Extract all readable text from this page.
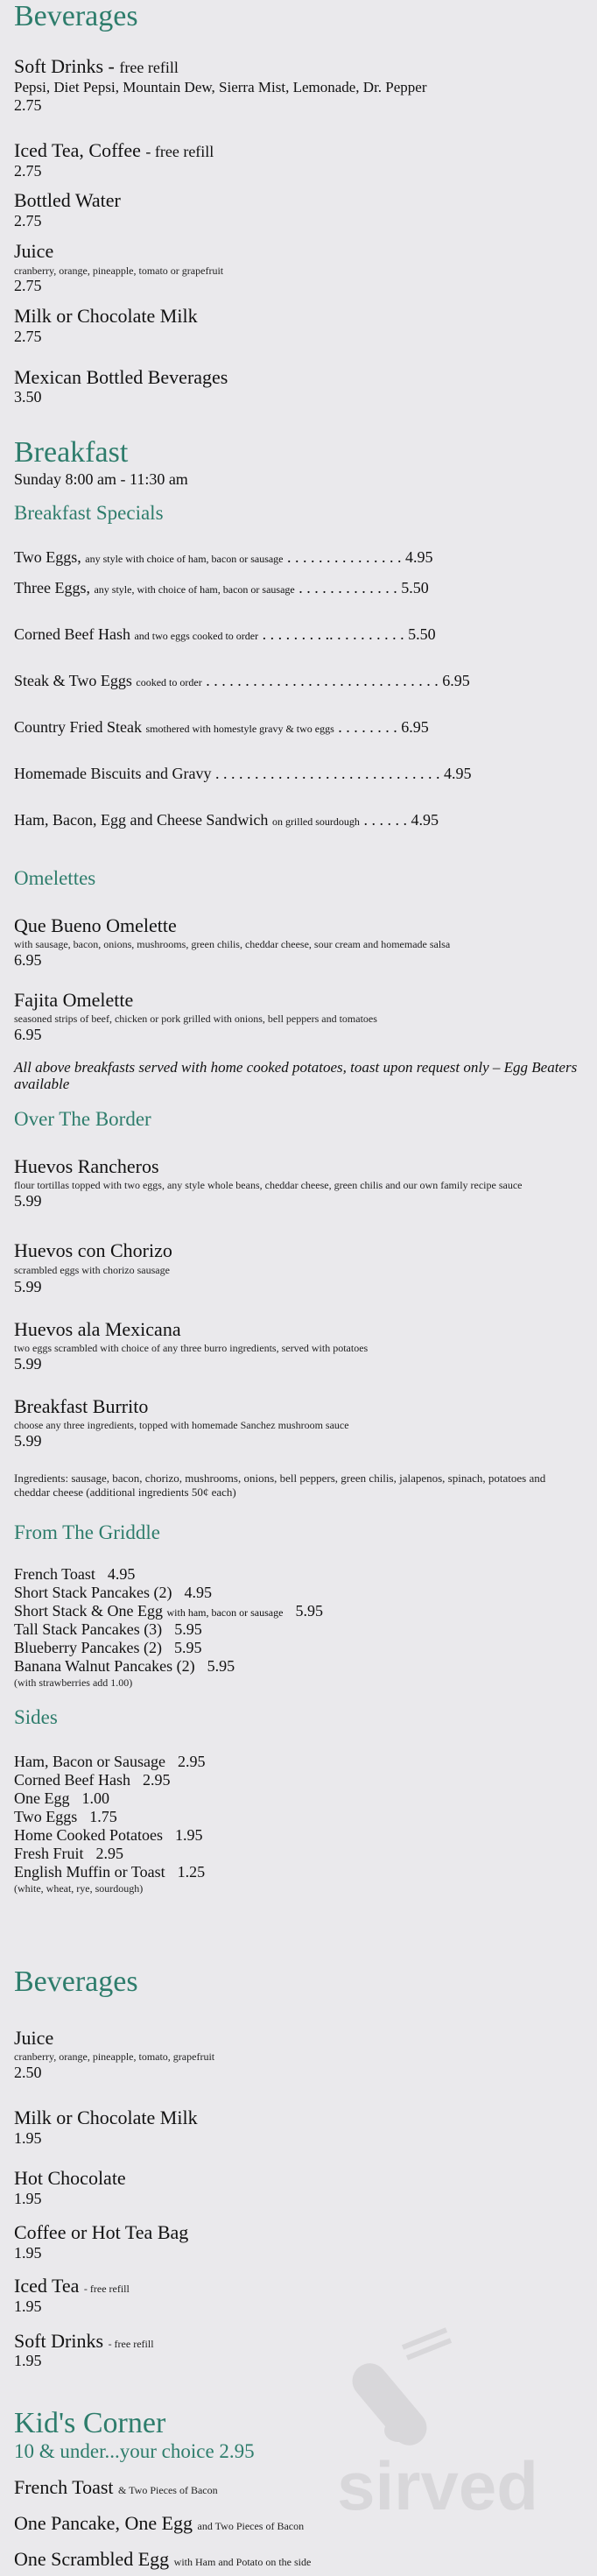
Beverages
Soft Drinks - free refill
Pepsi, Diet Pepsi, Mountain Dew, Sierra Mist, Lemonade, Dr. Pepper
2.75
Iced Tea, Coffee - free refill
2.75
Bottled Water
2.75
Juice
cranberry, orange, pineapple, tomato or grapefruit
2.75
Milk or Chocolate Milk
2.75
Mexican Bottled Beverages
3.50
Breakfast
Sunday 8:00 am - 11:30 am
Breakfast Specials
Two Eggs, any style with choice of ham, bacon or sausage . . . . . . . . . . . . . . . 4.95
Three Eggs, any style, with choice of ham, bacon or sausage . . . . . . . . . . . . . 5.50
Corned Beef Hash and two eggs cooked to order . . . . . . . . .. . . . . . . . . . 5.50
Steak & Two Eggs cooked to order . . . . . . . . . . . . . . . . . . . . . . . . . . . . . . 6.95
Country Fried Steak smothered with homestyle gravy & two eggs . . . . . . . . 6.95
Homemade Biscuits and Gravy . . . . . . . . . . . . . . . . . . . . . . . . . . . . . 4.95
Ham, Bacon, Egg and Cheese Sandwich on grilled sourdough . . . . . . 4.95
Omelettes
Que Bueno Omelette
with sausage, bacon, onions, mushrooms, green chilis, cheddar cheese, sour cream and homemade salsa
6.95
Fajita Omelette
seasoned strips of beef, chicken or pork grilled with onions, bell peppers and tomatoes
6.95
All above breakfasts served with home cooked potatoes, toast upon request only – Egg Beaters available
Over The Border
Huevos Rancheros
flour tortillas topped with two eggs, any style whole beans, cheddar cheese, green chilis and our own family recipe sauce
5.99
Huevos con Chorizo
scrambled eggs with chorizo sausage
5.99
Huevos ala Mexicana
two eggs scrambled with choice of any three burro ingredients, served with potatoes
5.99
Breakfast Burrito
choose any three ingredients, topped with homemade Sanchez mushroom sauce
5.99
Ingredients: sausage, bacon, chorizo, mushrooms, onions, bell peppers, green chilis, jalapenos, spinach, potatoes and cheddar cheese (additional ingredients 50¢ each)
From The Griddle
French Toast 4.95
Short Stack Pancakes (2) 4.95
Short Stack & One Egg with ham, bacon or sausage 5.95
Tall Stack Pancakes (3) 5.95
Blueberry Pancakes (2) 5.95
Banana Walnut Pancakes (2) 5.95
(with strawberries add 1.00)
Sides
Ham, Bacon or Sausage 2.95
Corned Beef Hash 2.95
One Egg 1.00
Two Eggs 1.75
Home Cooked Potatoes 1.95
Fresh Fruit 2.95
English Muffin or Toast 1.25
(white, wheat, rye, sourdough)
Beverages
Juice
cranberry, orange, pineapple, tomato, grapefruit
2.50
Milk or Chocolate Milk
1.95
Hot Chocolate
1.95
Coffee or Hot Tea Bag
1.95
Iced Tea - free refill
1.95
Soft Drinks - free refill
1.95
sirved
Kid's Corner
10 & under...your choice 2.95
French Toast & Two Pieces of Bacon
One Pancake, One Egg and Two Pieces of Bacon
One Scrambled Egg with Ham and Potato on the side
